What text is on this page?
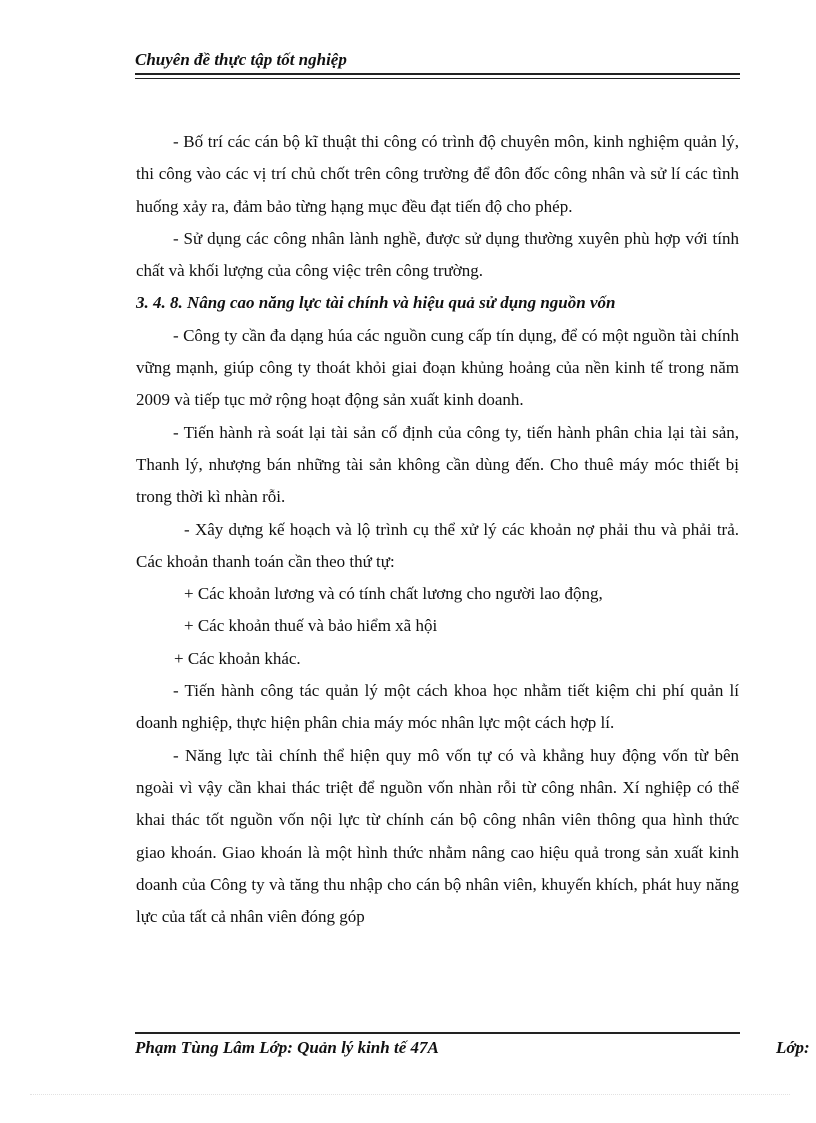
Chuyên đề thực tập tốt nghiệp

- Bố trí các cán bộ kĩ thuật thi công có trình độ chuyên môn, kinh nghiệm quản lý, thi công vào các vị trí chủ chốt trên công trường để đôn đốc công nhân và sử lí các tình huống xảy ra, đảm bảo từng hạng mục đều đạt tiến độ cho phép.

- Sử dụng các công nhân lành nghề, được sử dụng thường xuyên phù hợp với tính chất và khối lượng của công việc trên công trường.

3. 4. 8. Nâng cao năng lực tài chính và hiệu quả sử dụng nguồn vốn

- Công ty cần đa dạng húa các nguồn cung cấp tín dụng, để có một nguồn tài chính vững mạnh, giúp công ty thoát khỏi giai đoạn khủng hoảng của nền kinh tế trong năm 2009 và tiếp tục mở rộng hoạt động sản xuất kinh doanh.

- Tiến hành rà soát lại tài sản cố định của công ty, tiến hành phân chia lại tài sản, Thanh lý, nhượng bán những tài sản không cần dùng đến. Cho thuê máy móc thiết bị trong thời kì nhàn rỗi.

- Xây dựng kế hoạch và lộ trình cụ thể xử lý các khoản nợ phải thu và phải trả. Các khoản thanh toán cần theo thứ tự:

+ Các khoản lương và có tính chất lương cho người lao động,

+ Các khoản thuế và bảo hiểm xã hội

+ Các khoản khác.

- Tiến hành công tác quản lý một cách khoa học nhằm tiết kiệm chi phí quản lí doanh nghiệp, thực hiện phân chia máy móc nhân lực một cách hợp lí.

- Năng lực tài chính thể hiện quy mô vốn tự có và khẳng huy động vốn từ bên ngoài vì vậy cần khai thác triệt để nguồn vốn nhàn rỗi từ công nhân. Xí nghiệp có thể khai thác tốt nguồn vốn nội lực từ chính cán bộ công nhân viên thông qua hình thức giao khoán. Giao khoán là một hình thức nhằm nâng cao hiệu quả trong sản xuất kinh doanh của Công ty và tăng thu nhập cho cán bộ nhân viên, khuyến khích, phát huy năng lực của tất cả nhân viên đóng góp

Phạm Tùng Lâm Lớp: Quản lý kinh tế 47A	Lớp:
